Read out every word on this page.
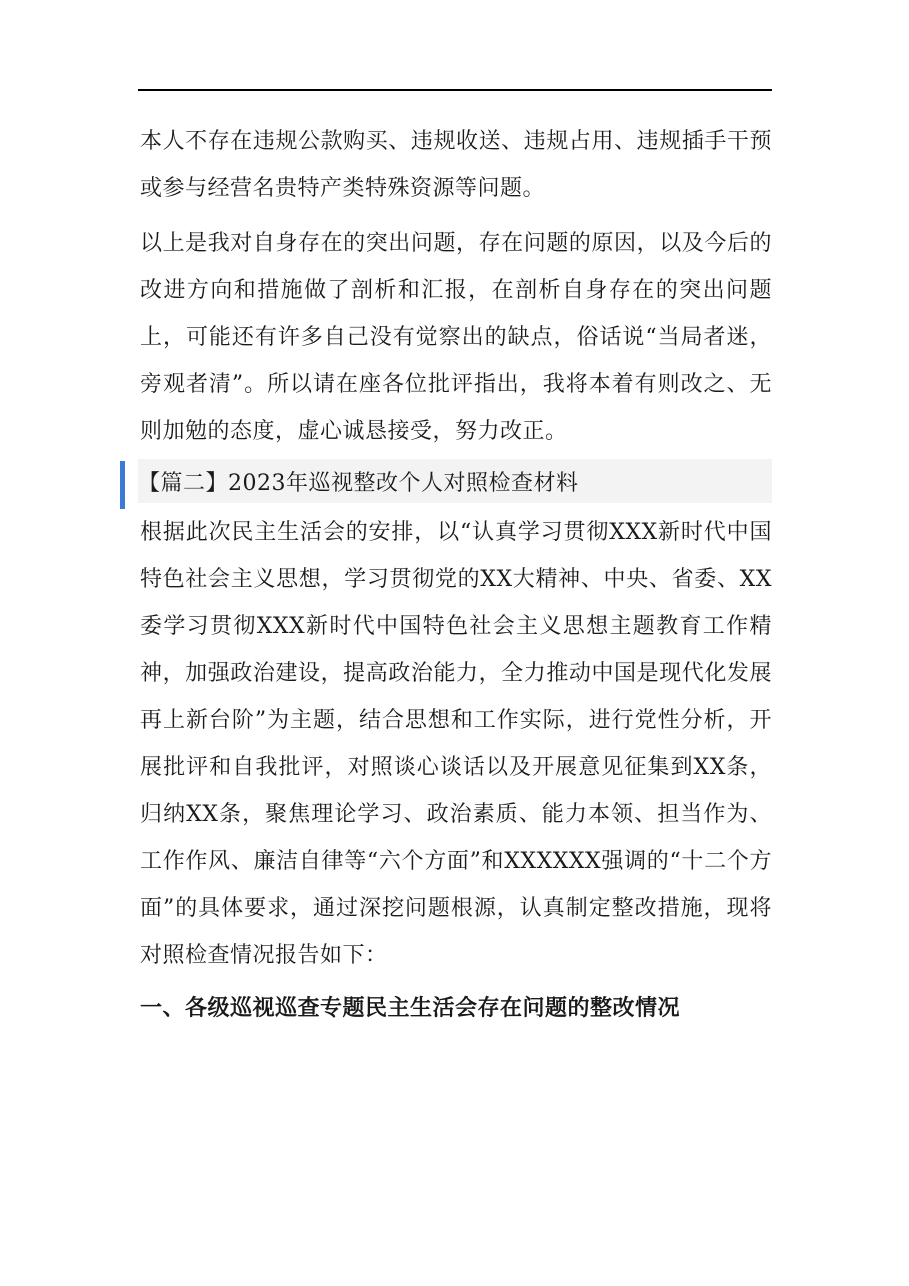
本人不存在违规公款购买、违规收送、违规占用、违规插手干预或参与经营名贵特产类特殊资源等问题。

以上是我对自身存在的突出问题，存在问题的原因，以及今后的改进方向和措施做了剖析和汇报，在剖析自身存在的突出问题上，可能还有许多自己没有觉察出的缺点，俗话说“当局者迷，旁观者清”。所以请在座各位批评指出，我将本着有则改之、无则加勉的态度，虚心诚恳接受，努力改正。

【篇二】2023年巡视整改个人对照检查材料

根据此次民主生活会的安排，以“认真学习贯彻XXX新时代中国特色社会主义思想，学习贯彻党的XX大精神、中央、省委、XX委学习贯彻XXX新时代中国特色社会主义思想主题教育工作精神，加强政治建设，提高政治能力，全力推动中国是现代化发展再上新台阶”为主题，结合思想和工作实际，进行党性分析，开展批评和自我批评，对照谈心谈话以及开展意见征集到XX条，归纳XX条，聚焦理论学习、政治素质、能力本领、担当作为、工作作风、廉洁自律等“六个方面”和XXXXXX强调的“十二个方面”的具体要求，通过深挖问题根源，认真制定整改措施，现将对照检查情况报告如下：

一、各级巡视巡查专题民主生活会存在问题的整改情况
